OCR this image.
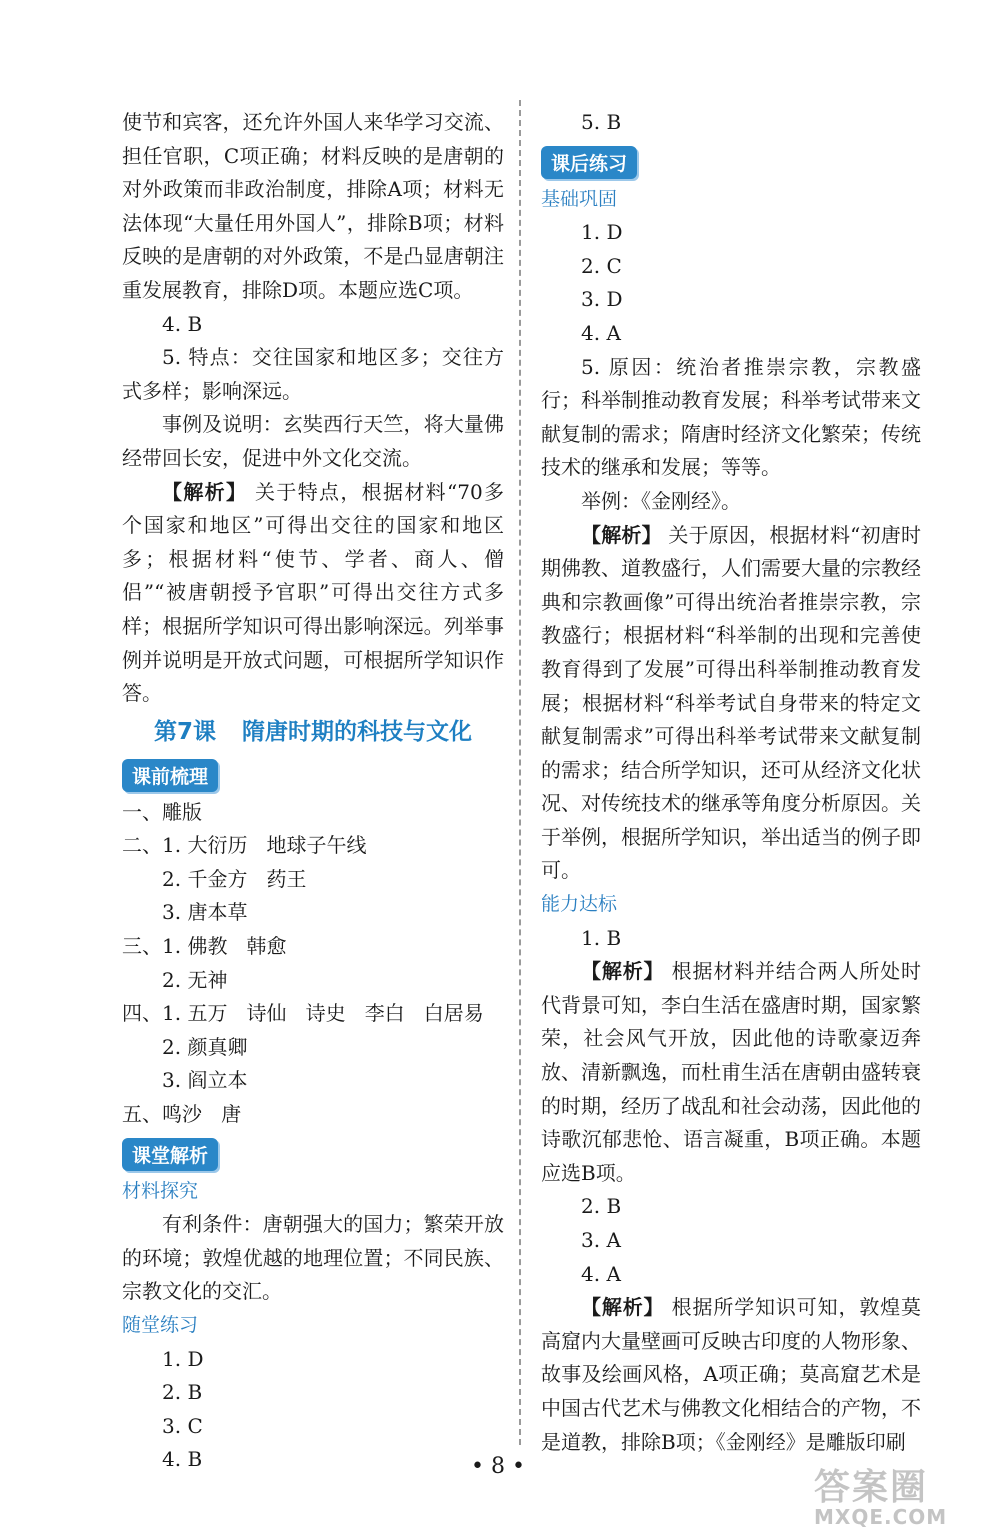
使节和宾客，还允许外国人来华学习交流、担任官职，C项正确；材料反映的是唐朝的对外政策而非政治制度，排除A项；材料无法体现“大量任用外国人”，排除B项；材料反映的是唐朝的对外政策，不是凸显唐朝注重发展教育，排除D项。本题应选C项。

4. B

5. 特点：交往国家和地区多；交往方式多样；影响深远。

事例及说明：玄奘西行天竺，将大量佛经带回长安，促进中外文化交流。

【解析】 关于特点，根据材料“70多个国家和地区”可得出交往的国家和地区多；根据材料“使节、学者、商人、僧侣”“被唐朝授予官职”可得出交往方式多样；根据所学知识可得出影响深远。列举事例并说明是开放式问题，可根据所学知识作答。

第7课 隋唐时期的科技与文化
课前梳理
一、雕版
二、1. 大衍历 地球子午线
2. 千金方 药王
3. 唐本草
三、1. 佛教 韩愈
2. 无神
四、1. 五万 诗仙 诗史 李白 白居易
2. 颜真卿
3. 阎立本
五、鸣沙 唐
课堂解析
材料探究

有利条件：唐朝强大的国力；繁荣开放的环境；敦煌优越的地理位置；不同民族、宗教文化的交汇。

随堂练习
1. D
2. B
3. C
4. B
5. B
课后练习
基础巩固
1. D
2. C
3. D
4. A

5. 原因：统治者推崇宗教，宗教盛行；科举制推动教育发展；科举考试带来文献复制的需求；隋唐时经济文化繁荣；传统技术的继承和发展；等等。

举例：《金刚经》。

【解析】 关于原因，根据材料“初唐时期佛教、道教盛行，人们需要大量的宗教经典和宗教画像”可得出统治者推崇宗教，宗教盛行；根据材料“科举制的出现和完善使教育得到了发展”可得出科举制推动教育发展；根据材料“科举考试自身带来的特定文献复制需求”可得出科举考试带来文献复制的需求；结合所学知识，还可从经济文化状况、对传统技术的继承等角度分析原因。关于举例，根据所学知识，举出适当的例子即可。

能力达标
1. B

【解析】 根据材料并结合两人所处时代背景可知，李白生活在盛唐时期，国家繁荣，社会风气开放，因此他的诗歌豪迈奔放、清新飘逸，而杜甫生活在唐朝由盛转衰的时期，经历了战乱和社会动荡，因此他的诗歌沉郁悲怆、语言凝重，B项正确。本题应选B项。

2. B
3. A
4. A

【解析】 根据所学知识可知，敦煌莫高窟内大量壁画可反映古印度的人物形象、故事及绘画风格，A项正确；莫高窟艺术是中国古代艺术与佛教文化相结合的产物，不是道教，排除B项；《金刚经》是雕版印刷

• 8 •
答案圈
MXQE.COM
